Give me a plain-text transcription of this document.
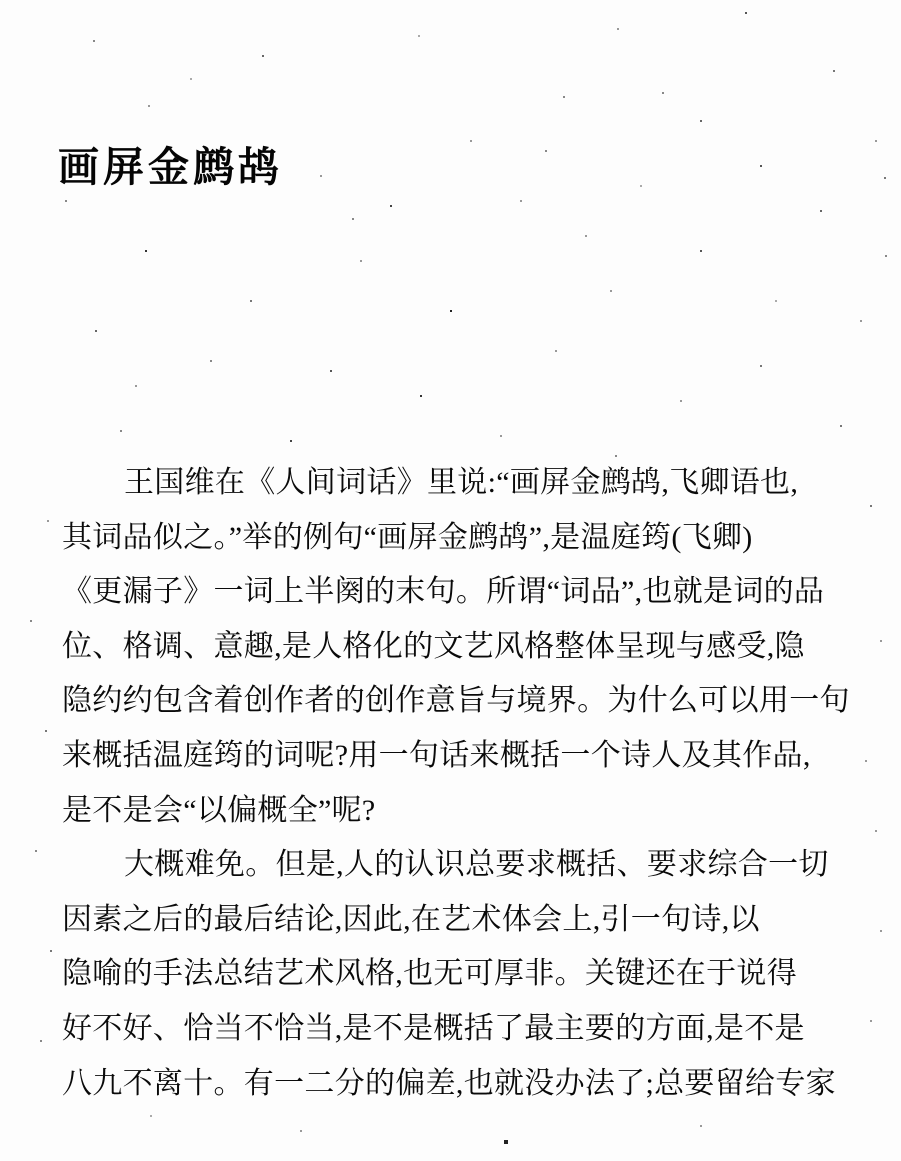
画屏金鹧鸪

王国维在《人间词话》里说:“画屏金鹧鸪,飞卿语也,

其词品似之。”举的例句“画屏金鹧鸪”,是温庭筠(飞卿)

《更漏子》一词上半阕的末句。所谓“词品”,也就是词的品

位、格调、意趣,是人格化的文艺风格整体呈现与感受,隐

隐约约包含着创作者的创作意旨与境界。为什么可以用一句

来概括温庭筠的词呢?用一句话来概括一个诗人及其作品,

是不是会“以偏概全”呢?

大概难免。但是,人的认识总要求概括、要求综合一切

因素之后的最后结论,因此,在艺术体会上,引一句诗,以

隐喻的手法总结艺术风格,也无可厚非。关键还在于说得

好不好、恰当不恰当,是不是概括了最主要的方面,是不是

八九不离十。有一二分的偏差,也就没办法了;总要留给专家
